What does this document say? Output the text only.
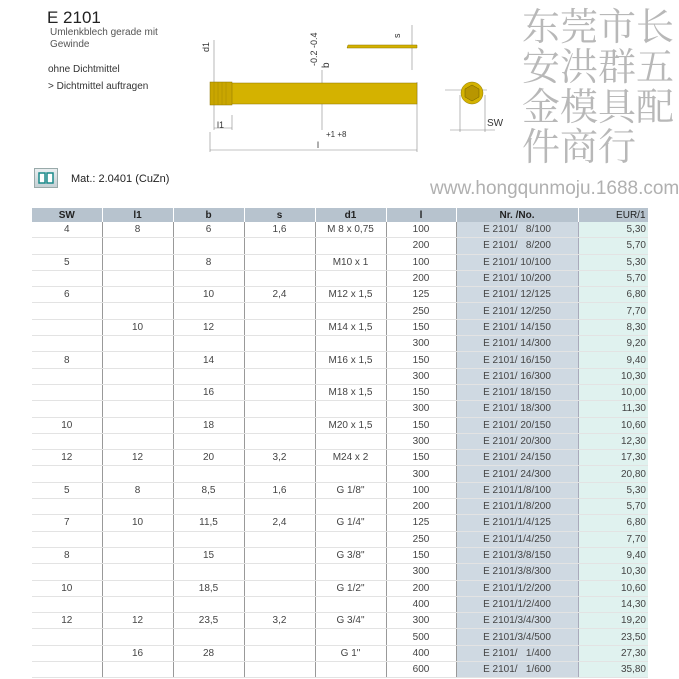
E 2101
Umlenkblech gerade mit Gewinde
ohne Dichtmittel
> Dichtmittel auftragen
d1
b
-0.2 -0.4	s
l1
l
+1 +8
SW
Mat.: 2.0401 (CuZn)
SW	l1	b	s	d1	l	Nr. /No.	EUR/1
4	8	6	1,6	M 8 x 0,75	100	E 2101/   8/100	5,30
					200	E 2101/   8/200	5,70
5		8		M10 x 1	100	E 2101/ 10/100	5,30
					200	E 2101/ 10/200	5,70
6		10	2,4	M12 x 1,5	125	E 2101/ 12/125	6,80
					250	E 2101/ 12/250	7,70
	10	12		M14 x 1,5	150	E 2101/ 14/150	8,30
					300	E 2101/ 14/300	9,20
8		14		M16 x 1,5	150	E 2101/ 16/150	9,40
					300	E 2101/ 16/300	10,30
		16		M18 x 1,5	150	E 2101/ 18/150	10,00
					300	E 2101/ 18/300	11,30
10		18		M20 x 1,5	150	E 2101/ 20/150	10,60
					300	E 2101/ 20/300	12,30
12	12	20	3,2	M24 x 2	150	E 2101/ 24/150	17,30
					300	E 2101/ 24/300	20,80
5	8	8,5	1,6	G 1/8"	100	E 2101/1/8/100	5,30
					200	E 2101/1/8/200	5,70
7	10	11,5	2,4	G 1/4"	125	E 2101/1/4/125	6,80
					250	E 2101/1/4/250	7,70
8		15		G 3/8"	150	E 2101/3/8/150	9,40
					300	E 2101/3/8/300	10,30
10		18,5		G 1/2"	200	E 2101/1/2/200	10,60
					400	E 2101/1/2/400	14,30
12	12	23,5	3,2	G 3/4"	300	E 2101/3/4/300	19,20
					500	E 2101/3/4/500	23,50
	16	28		G 1"	400	E 2101/   1/400	27,30
					600	E 2101/   1/600	35,80
东莞市长安洪群五金模具配件商行
www.hongqunmoju.1688.com
